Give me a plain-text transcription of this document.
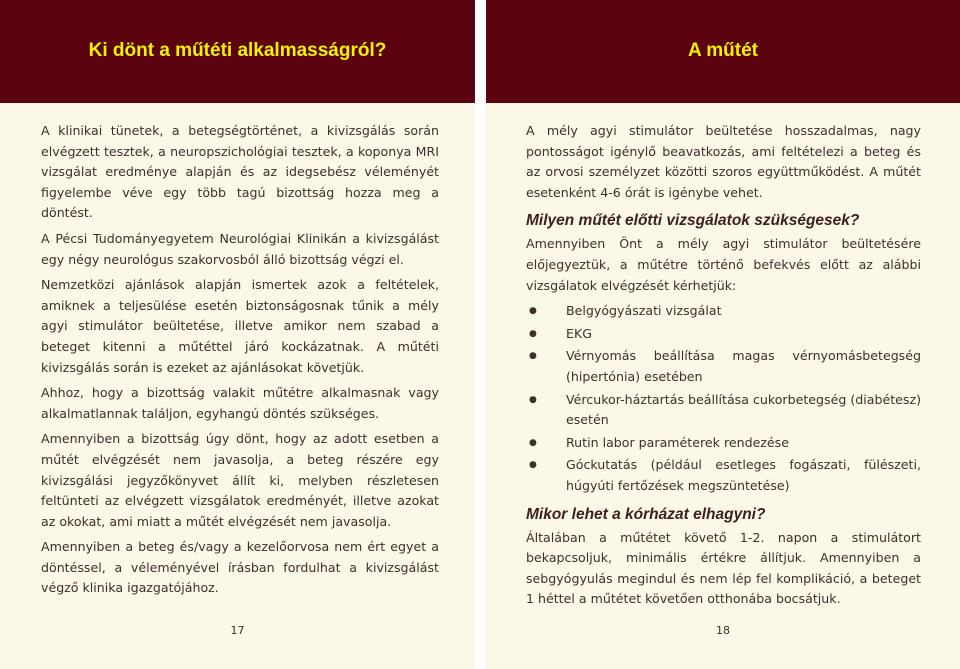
Ki dönt a műtéti alkalmasságról?

A klinikai tünetek, a betegségtörténet, a kivizsgálás során elvégzett tesztek, a neuropszichológiai tesztek, a koponya MRI vizsgálat eredménye alapján és az idegsebész véleményét figyelembe véve egy több tagú bizottság hozza meg a döntést.

A Pécsi Tudományegyetem Neurológiai Klinikán a kivizsgálást egy négy neurológus szakorvosból álló bizottság végzi el.

Nemzetközi ajánlások alapján ismertek azok a feltételek, amiknek a teljesülése esetén biztonságosnak tűnik a mély agyi stimulátor beültetése, illetve amikor nem szabad a beteget kitenni a műtéttel járó kockázatnak. A műtéti kivizsgálás során is ezeket az ajánlásokat követjük.

Ahhoz, hogy a bizottság valakit műtétre alkalmasnak vagy alkalmatlannak találjon, egyhangú döntés szükséges.

Amennyiben a bizottság úgy dönt, hogy az adott esetben a műtét elvégzését nem javasolja, a beteg részére egy kivizsgálási jegyzőkönyvet állít ki, melyben részletesen feltünteti az elvégzett vizsgálatok eredményét, illetve azokat az okokat, ami miatt a műtét elvégzését nem javasolja.

Amennyiben a beteg és/vagy a kezelőorvosa nem ért egyet a döntéssel, a véleményével írásban fordulhat a kivizsgálást végző klinika igazgatójához.

17
A műtét

A mély agyi stimulátor beültetése hosszadalmas, nagy pontosságot igénylő beavatkozás, ami feltételezi a beteg és az orvosi személyzet közötti szoros együttműködést. A műtét esetenként 4-6 órát is igénybe vehet.

Milyen műtét előtti vizsgálatok szükségesek?

Amennyiben Önt a mély agyi stimulátor beültetésére előjegyeztük, a műtétre történő befekvés előtt az alábbi vizsgálatok elvégzését kérhetjük:

● Belgyógyászati vizsgálat
● EKG
● Vérnyomás beállítása magas vérnyomásbetegség (hipertónia) esetében
● Vércukor-háztartás beállítása cukorbetegség (diabétesz) esetén
● Rutin labor paraméterek rendezése
● Góckutatás (például esetleges fogászati, fülészeti, húgyúti fertőzések megszüntetése)
Mikor lehet a kórházat elhagyni?

Általában a műtétet követő 1-2. napon a stimulátort bekapcsoljuk, minimális értékre állítjuk. Amennyiben a sebgyógyulás megindul és nem lép fel komplikáció, a beteget 1 héttel a műtétet követően otthonába bocsátjuk.

18
